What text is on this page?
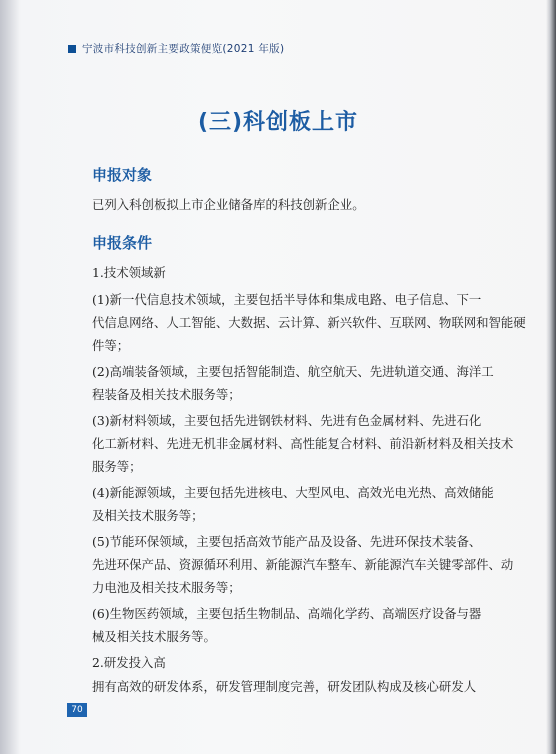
宁波市科技创新主要政策便览(2021 年版)
(三)科创板上市
申报对象
已列入科创板拟上市企业储备库的科技创新企业。
申报条件
1.技术领域新
(1)新一代信息技术领域，主要包括半导体和集成电路、电子信息、下一
代信息网络、人工智能、大数据、云计算、新兴软件、互联网、物联网和智能硬
件等；
(2)高端装备领域，主要包括智能制造、航空航天、先进轨道交通、海洋工
程装备及相关技术服务等；
(3)新材料领域，主要包括先进钢铁材料、先进有色金属材料、先进石化
化工新材料、先进无机非金属材料、高性能复合材料、前沿新材料及相关技术
服务等；
(4)新能源领域，主要包括先进核电、大型风电、高效光电光热、高效储能
及相关技术服务等；
(5)节能环保领域，主要包括高效节能产品及设备、先进环保技术装备、
先进环保产品、资源循环利用、新能源汽车整车、新能源汽车关键零部件、动
力电池及相关技术服务等；
(6)生物医药领域，主要包括生物制品、高端化学药、高端医疗设备与器
械及相关技术服务等。
2.研发投入高
拥有高效的研发体系，研发管理制度完善，研发团队构成及核心研发人
70
